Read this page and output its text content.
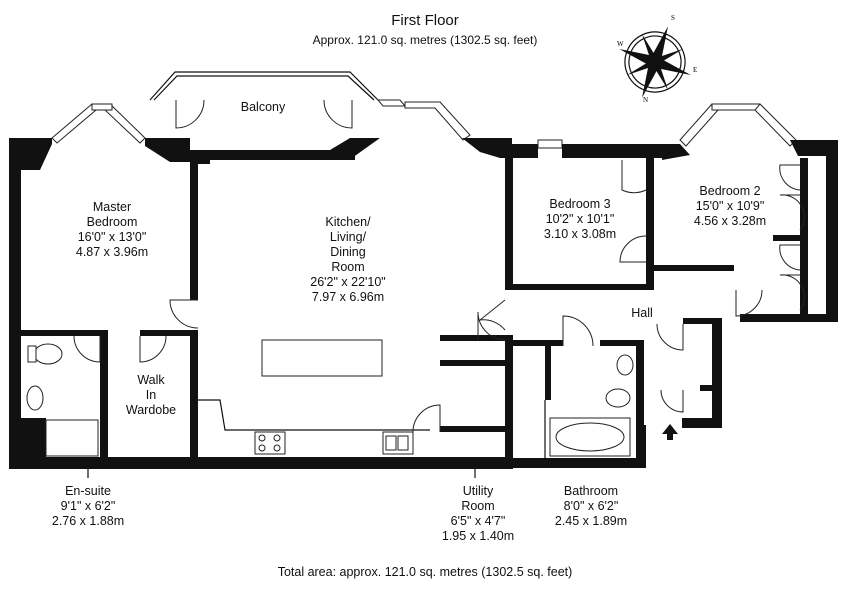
First Floor
Approx. 121.0 sq. metres (1302.5 sq. feet)
S
N
W
E
Balcony
Master
Bedroom
16'0" x 13'0"
4.87 x 3.96m
Kitchen/
Living/
Dining
Room
26'2" x 22'10"
7.97 x 6.96m
Bedroom 3
10'2" x 10'1"
3.10 x 3.08m
Bedroom 2
15'0" x 10'9"
4.56 x 3.28m
Hall
Walk
In
Wardobe
En-suite
9'1" x 6'2"
2.76 x 1.88m
Utility
Room
6'5" x 4'7"
1.95 x 1.40m
Bathroom
8'0" x 6'2"
2.45 x 1.89m
Total area: approx. 121.0 sq. metres (1302.5 sq. feet)
